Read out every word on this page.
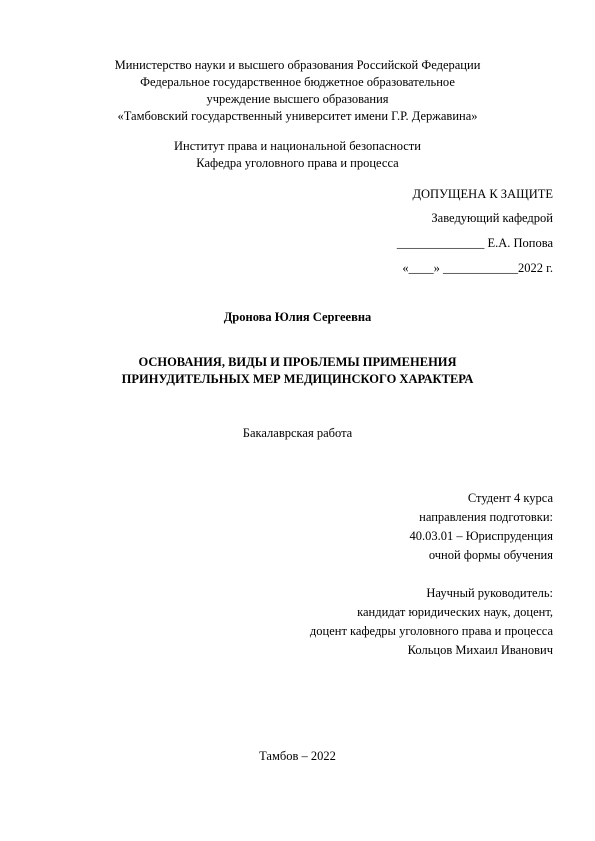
Министерство науки и высшего образования Российской Федерации
Федеральное государственное бюджетное образовательное
учреждение высшего образования
«Тамбовский государственный университет имени Г.Р. Державина»
Институт права и национальной безопасности
Кафедра уголовного права и процесса
ДОПУЩЕНА К ЗАЩИТЕ
Заведующий кафедрой
______________ Е.А. Попова
«____» ____________2022 г.
Дронова Юлия Сергеевна
ОСНОВАНИЯ, ВИДЫ И ПРОБЛЕМЫ ПРИМЕНЕНИЯ
ПРИНУДИТЕЛЬНЫХ МЕР МЕДИЦИНСКОГО ХАРАКТЕРА
Бакалаврская работа
Студент 4 курса
направления подготовки:
40.03.01 – Юриспруденция
очной формы обучения
Научный руководитель:
кандидат юридических наук, доцент,
доцент кафедры уголовного права и процесса
Кольцов Михаил Иванович
Тамбов – 2022
